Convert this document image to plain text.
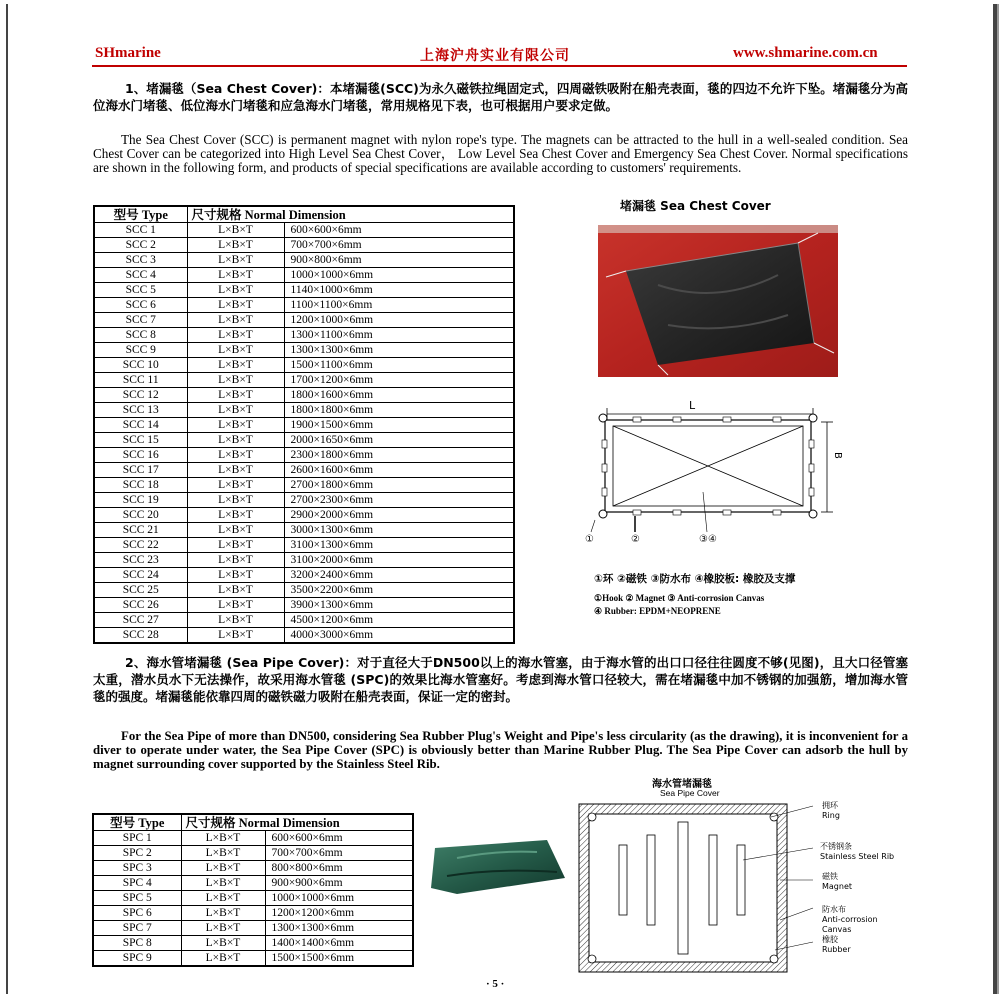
SHmarine	上海沪舟实业有限公司	www.shmarine.com.cn
1、堵漏毯（Sea Chest Cover)：本堵漏毯(SCC)为永久磁铁拉绳固定式，四周磁铁吸附在船壳表面，毯的四边不允许下坠。堵漏毯分为高位海水门堵毯、低位海水门堵毯和应急海水门堵毯，常用规格见下表，也可根据用户要求定做。
The Sea Chest Cover (SCC) is permanent magnet with nylon rope's type. The magnets can be attracted to the hull in a well-sealed condition. Sea Chest Cover can be categorized into High Level Sea Chest Cover， Low Level Sea Chest Cover and Emergency Sea Chest Cover. Normal specifications are shown in the following form, and products of special specifications are available according to customers' requirements.
型号 Type	尺寸规格 Normal Dimension	
SCC 1	L×B×T	600×600×6mm
SCC 2	L×B×T	700×700×6mm
SCC 3	L×B×T	900×800×6mm
SCC 4	L×B×T	1000×1000×6mm
SCC 5	L×B×T	1140×1000×6mm
SCC 6	L×B×T	1100×1100×6mm
SCC 7	L×B×T	1200×1000×6mm
SCC 8	L×B×T	1300×1100×6mm
SCC 9	L×B×T	1300×1300×6mm
SCC 10	L×B×T	1500×1100×6mm
SCC 11	L×B×T	1700×1200×6mm
SCC 12	L×B×T	1800×1600×6mm
SCC 13	L×B×T	1800×1800×6mm
SCC 14	L×B×T	1900×1500×6mm
SCC 15	L×B×T	2000×1650×6mm
SCC 16	L×B×T	2300×1800×6mm
SCC 17	L×B×T	2600×1600×6mm
SCC 18	L×B×T	2700×1800×6mm
SCC 19	L×B×T	2700×2300×6mm
SCC 20	L×B×T	2900×2000×6mm
SCC 21	L×B×T	3000×1300×6mm
SCC 22	L×B×T	3100×1300×6mm
SCC 23	L×B×T	3100×2000×6mm
SCC 24	L×B×T	3200×2400×6mm
SCC 25	L×B×T	3500×2200×6mm
SCC 26	L×B×T	3900×1300×6mm
SCC 27	L×B×T	4500×1200×6mm
SCC 28	L×B×T	4000×3000×6mm
堵漏毯 Sea Chest Cover
L
B
①	②	③④
①环 ②磁铁 ③防水布 ④橡胶板: 橡胶及支撑
①Hook ② Magnet ③ Anti-corrosion Canvas
④ Rubber: EPDM+NEOPRENE
2、海水管堵漏毯 (Sea Pipe Cover)：对于直径大于DN500以上的海水管塞，由于海水管的出口口径往往圆度不够(见图)，且大口径管塞太重，潜水员水下无法操作，故采用海水管毯 (SPC)的效果比海水管塞好。考虑到海水管口径较大，需在堵漏毯中加不锈钢的加强筋，增加海水管毯的强度。堵漏毯能依靠四周的磁铁磁力吸附在船壳表面，保证一定的密封。
For the Sea Pipe of more than DN500, considering Sea Rubber Plug's Weight and Pipe's less circularity (as the drawing), it is inconvenient for a diver to operate under water, the Sea Pipe Cover (SPC) is obviously better than Marine Rubber Plug. The Sea Pipe Cover can adsorb the hull by magnet surrounding cover supported by the Stainless Steel Rib.
型号 Type	尺寸规格 Normal Dimension	
SPC 1	L×B×T	600×600×6mm
SPC 2	L×B×T	700×700×6mm
SPC 3	L×B×T	800×800×6mm
SPC 4	L×B×T	900×900×6mm
SPC 5	L×B×T	1000×1000×6mm
SPC 6	L×B×T	1200×1200×6mm
SPC 7	L×B×T	1300×1300×6mm
SPC 8	L×B×T	1400×1400×6mm
SPC 9	L×B×T	1500×1500×6mm
海水管堵漏毯
Sea Pipe Cover
拥环
Ring
不锈钢条
Stainless Steel Rib
磁铁
Magnet
防水布
Anti-corrosion Canvas
橡胶
Rubber
· 5 ·
